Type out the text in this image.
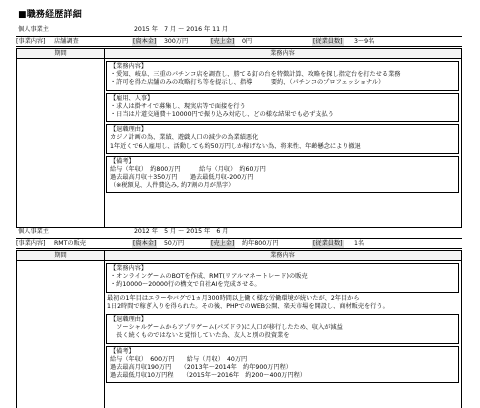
■職務経歴詳細
個人事業主	2015 年　7 月 ～ 2016 年 11 月
[事業内容] 店舗調査	[資本金] 300万円	[売上金] 0円	[従業員数] 3～9名
期間	業務内容

【業務内容】

・愛知、岐阜、三重のパチンコ店を調査し、勝てる釘の台を特徴計算、攻略を探し指定台を打たせる業務

・許可を得た店舗のみの攻略打ち等を提示し、指導　　　要約、（パチンコのプロフェッショナル）

【雇用、人事】

・求人は掛サイで募集し、現実店等で面接を行う

・日当は片道交通費＋10000円で振り込み対応し、どの様な結果でも必ず支払う

【退職理由】

カジノ計画の為、業績、遊戯人口の減少の為業績悪化

1年近くで6人雇用し、活動しても約50万円しか稼げない為、将来性、年齢懸念により撤退

【備考】

給与（年収）　約800万円　　　給与（月収）　約60万円

過去最高月収＋350万円　　過去最低月収-200万円

（※税額見、人件費込み, 約7割の月が黒字）

個人事業主	2012 年　5 月 ～ 2015 年　6 月
[事業内容] RMTの販売	[資本金] 50万円	[売上金] 約年800万円	[従業員数] 1名
期間	業務内容

【業務内容】

・オンラインゲームのBOTを作成、RMT(リアルマネートレード)の販売

・約10000～20000行の構文で自社AIを完成させる。

最初の1年目はエラーやバグで1ヵ月300時間以上働く様な労働環境が続いたが、2年目から

1日2時間で稼ぎ入りを得られた。その後、PHPでのWEB公開、楽天市場を開設し、商材販売を行う。

【退職理由】

　ソーシャルゲームからアプリゲーム(パズドラ)に人口が移行したため、収入が減益

　長く続くものではないと覚悟していた為、友人と別の投資業を

【備考】

給与（年収）　600万円　　給与（月収）　40万円

過去最高月収190万円　　（2013年～2014年　約年900万円程）

過去最低月収10万円程　　（2015年～2016年　約200～400万円程）
